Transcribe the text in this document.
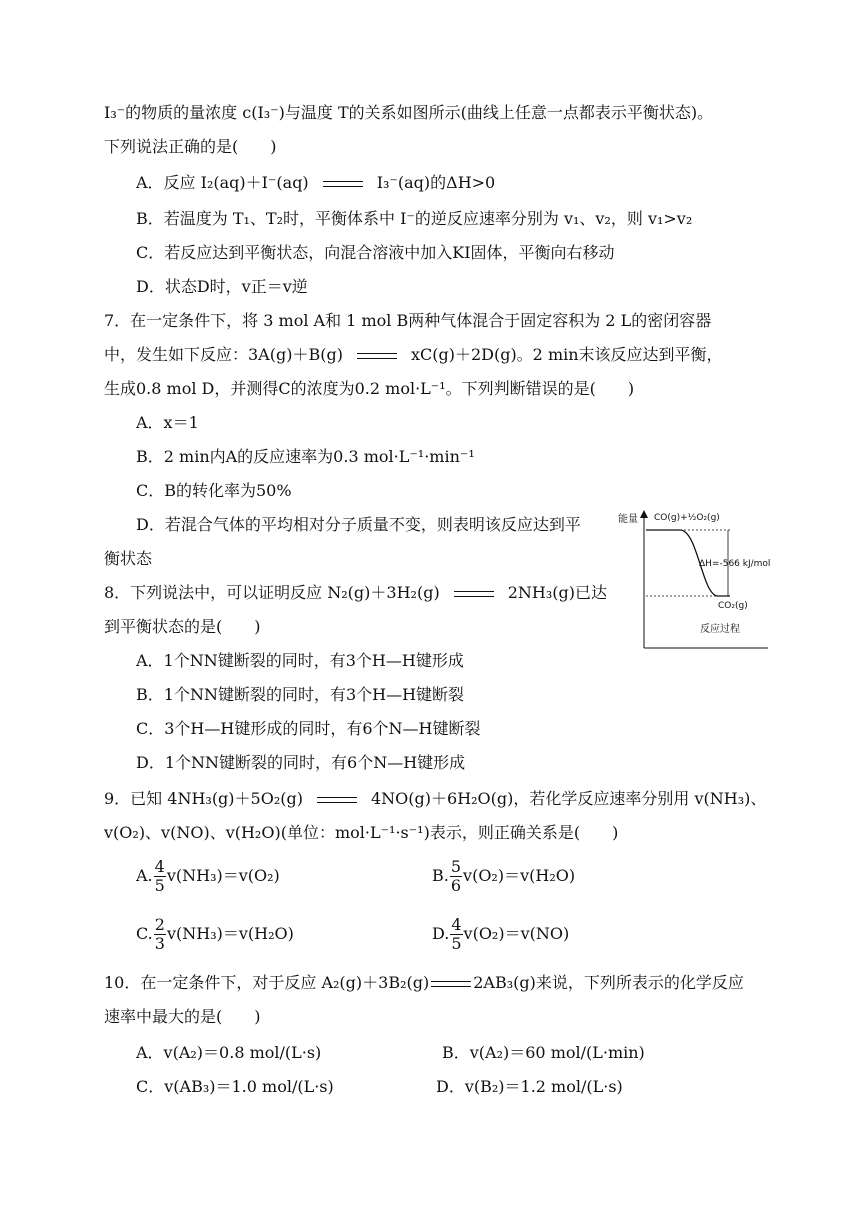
I₃⁻的物质的量浓度 c(I₃⁻)与温度 T的关系如图所示(曲线上任意一点都表示平衡状态)。
下列说法正确的是(　　)
A．反应 I₂(aq)＋I⁻(aq)	I₃⁻(aq)的ΔH>0
B．若温度为 T₁、T₂时，平衡体系中 I⁻的逆反应速率分别为 v₁、v₂，则 v₁>v₂
C．若反应达到平衡状态，向混合溶液中加入KI固体，平衡向右移动
D．状态D时，v正＝v逆
7．在一定条件下，将 3 mol A和 1 mol B两种气体混合于固定容积为 2 L的密闭容器
中，发生如下反应：3A(g)＋B(g)	xC(g)＋2D(g)。2 min末该反应达到平衡，
生成0.8 mol D，并测得C的浓度为0.2 mol·L⁻¹。下列判断错误的是(　　)
A．x＝1
B．2 min内A的反应速率为0.3 mol·L⁻¹·min⁻¹
C．B的转化率为50%
D．若混合气体的平均相对分子质量不变，则表明该反应达到平
衡状态
8．下列说法中，可以证明反应 N₂(g)＋3H₂(g)	2NH₃(g)已达
到平衡状态的是(　　)
A．1个NN键断裂的同时，有3个H—H键形成
B．1个NN键断裂的同时，有3个H—H键断裂
C．3个H—H键形成的同时，有6个N—H键断裂
D．1个NN键断裂的同时，有6个N—H键形成
9．已知 4NH₃(g)＋5O₂(g)	4NO(g)＋6H₂O(g)，若化学反应速率分别用 v(NH₃)、
v(O₂)、v(NO)、v(H₂O)(单位：mol·L⁻¹·s⁻¹)表示，则正确关系是(　　)
A. $\frac{4}{5} v(NH_3)=v(O_2)$	B. $\frac{5}{6} v(O_2)=v(H_2O)$
C. $\frac{2}{3} v(NH_3)=v(H_2O)$	D. $\frac{4}{5} v(O_2)=v(NO)$
10．在一定条件下，对于反应 A₂(g)＋3B₂(g)	2AB₃(g)来说，下列所表示的化学反应
速率中最大的是(　　)
A．v(A₂)＝0.8 mol/(L·s)	B．v(A₂)＝60 mol/(L·min)
C．v(AB₃)＝1.0 mol/(L·s)	D．v(B₂)＝1.2 mol/(L·s)
能量 CO(g)+½O₂(g)
ΔH=-566 kJ/mol
CO₂(g)
反应过程
